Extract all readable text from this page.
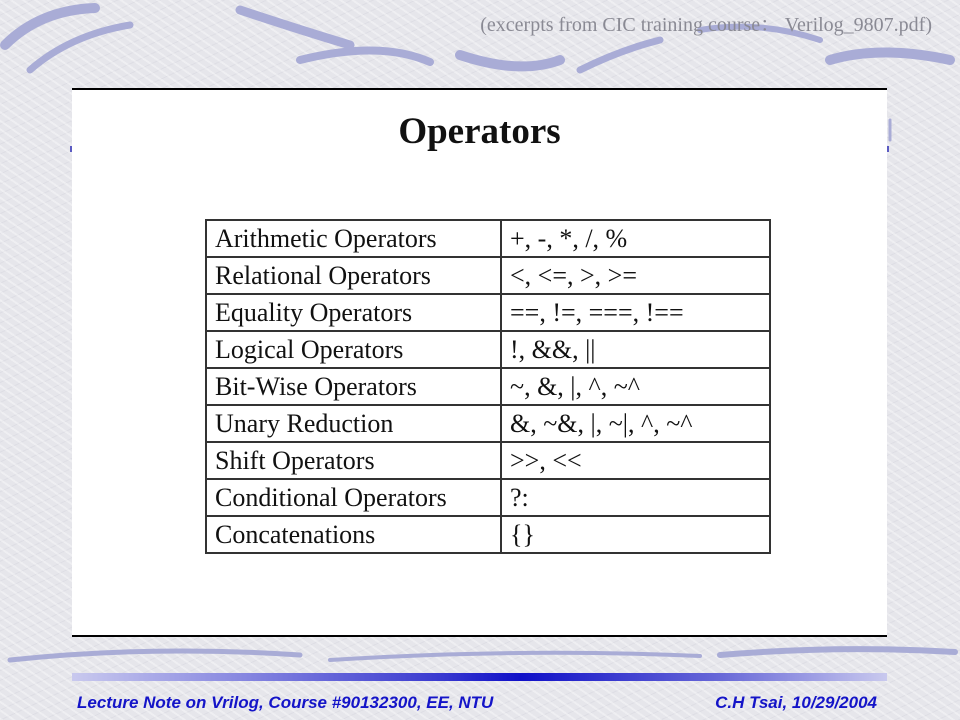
(excerpts from CIC training course： Verilog_9807.pdf)
Operators
Arithmetic Operators	+, -, *, /, %
Relational Operators	<, <=, >, >=
Equality Operators	==, !=, ===, !==
Logical Operators	!, &&, ||
Bit-Wise Operators	~, &, |, ^, ~^
Unary Reduction	&, ~&, |, ~|, ^, ~^
Shift Operators	>>, <<
Conditional Operators	?:
Concatenations	{}
Lecture Note on Vrilog, Course #90132300, EE, NTU	C.H Tsai, 10/29/2004
